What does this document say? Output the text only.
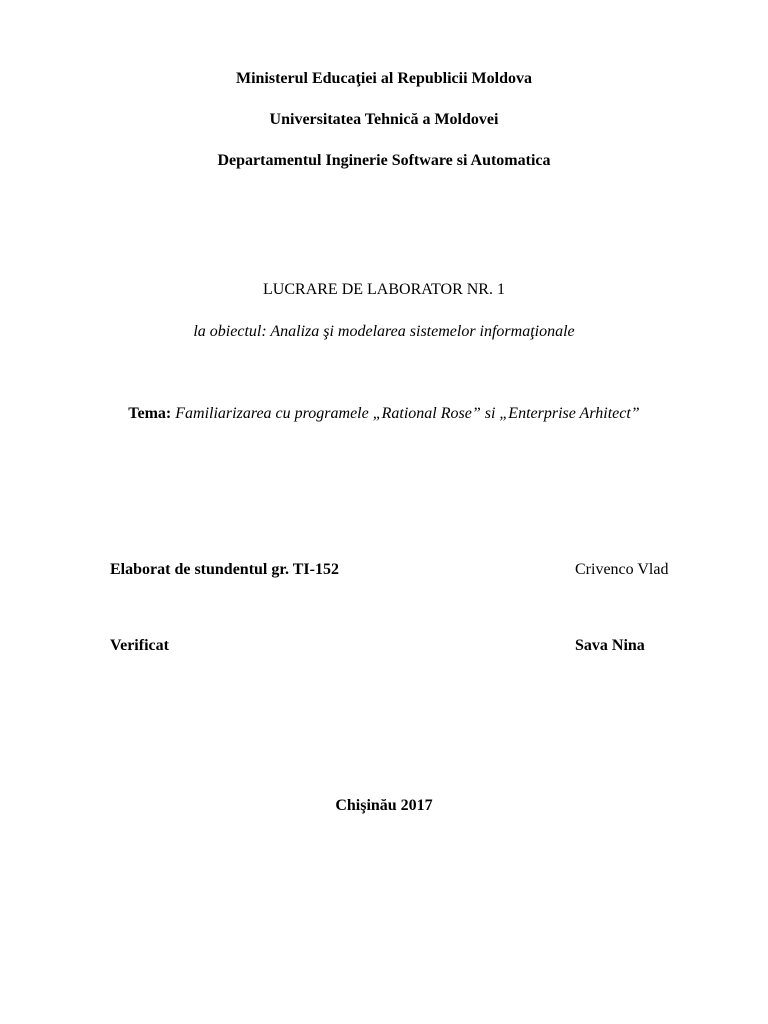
Ministerul Educaţiei al Republicii Moldova
Universitatea Tehnică a Moldovei
Departamentul Inginerie Software si Automatica
LUCRARE DE LABORATOR NR. 1
la obiectul: Analiza şi modelarea sistemelor informaţionale
Tema: Familiarizarea cu programele „Rational Rose” si „Enterprise Arhitect”
Elaborat de stundentul gr. TI-152	Crivenco Vlad
Verificat	Sava Nina
Chişinău 2017
